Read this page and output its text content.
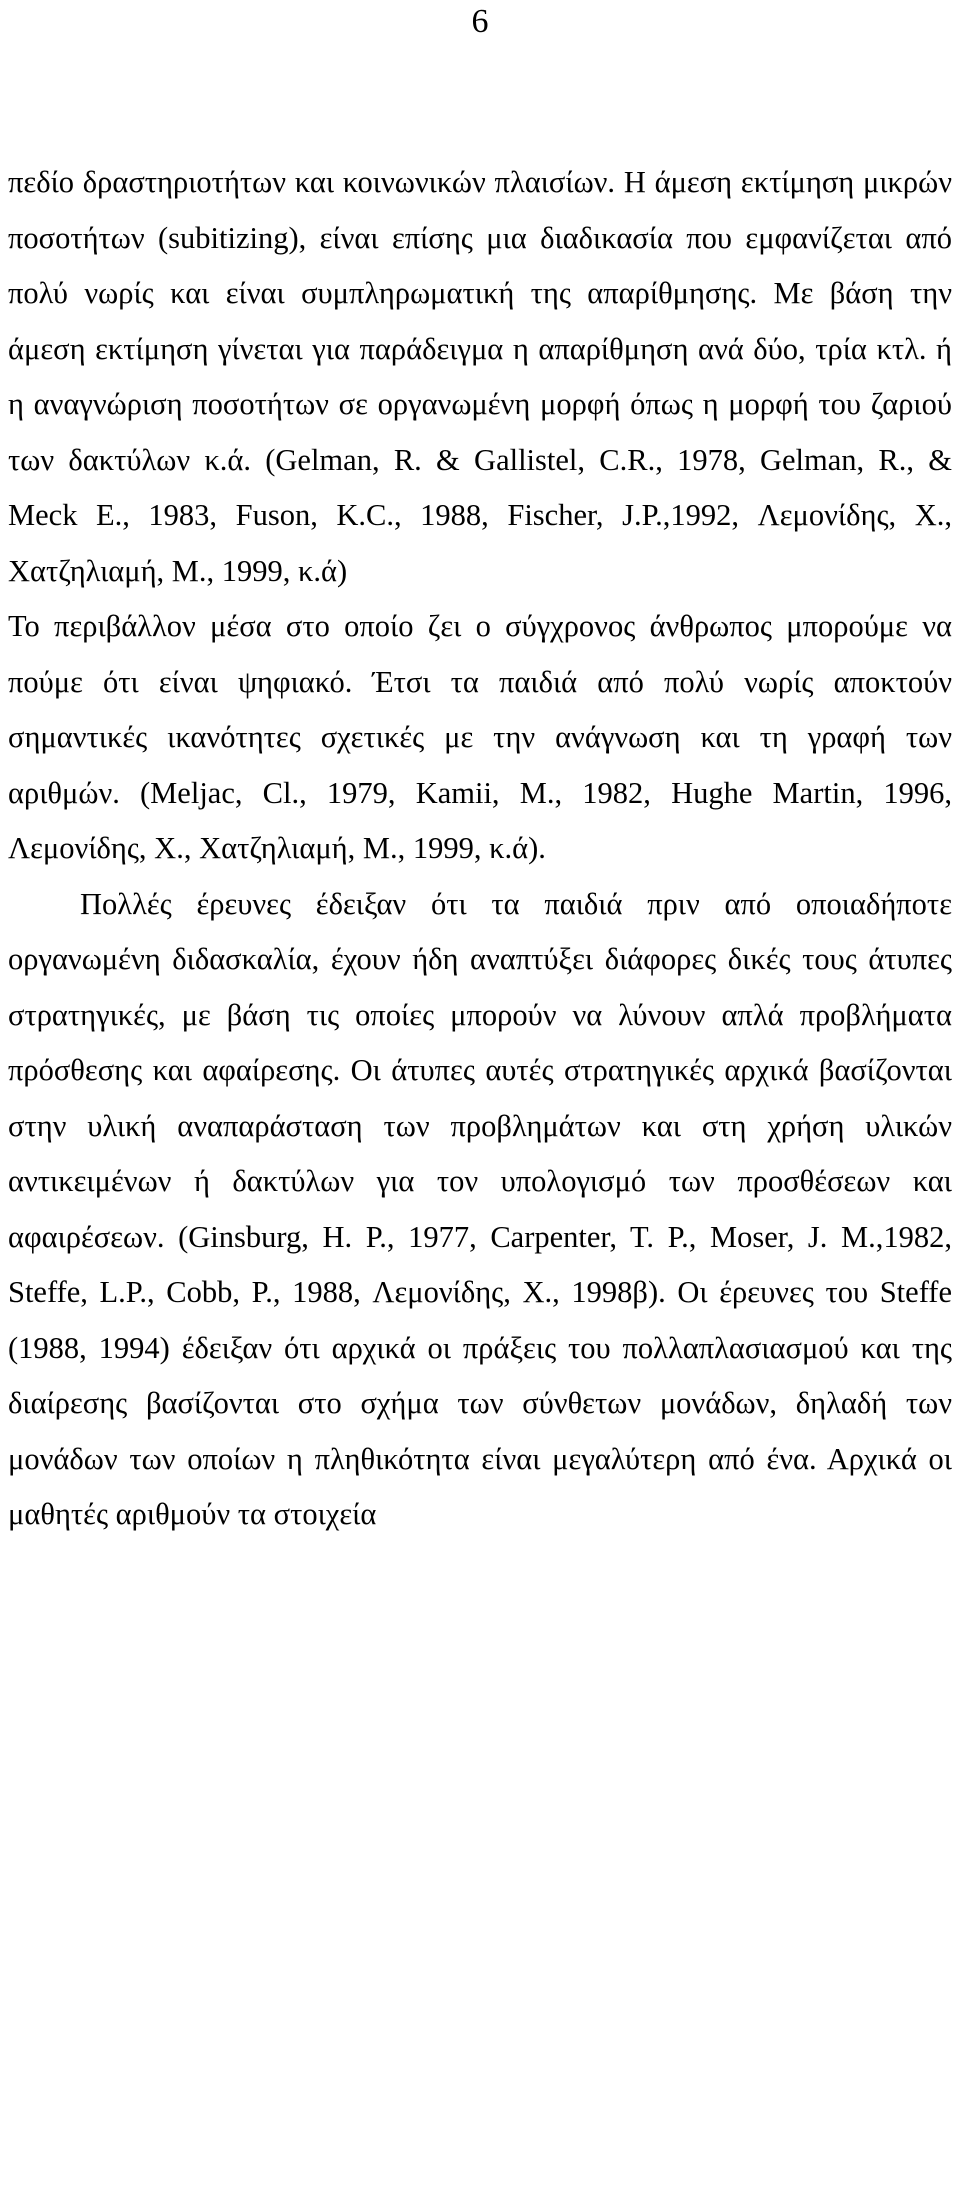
6

πεδίο δραστηριοτήτων και κοινωνικών πλαισίων. Η άμεση εκτίμηση μικρών ποσοτήτων (subitizing), είναι επίσης μια διαδικασία που εμφανίζεται από πολύ νωρίς και είναι συμπληρωματική της απαρίθμησης. Με βάση την άμεση εκτίμηση γίνεται για παράδειγμα η απαρίθμηση ανά δύο, τρία κτλ. ή η αναγνώριση ποσοτήτων σε οργανωμένη μορφή όπως η μορφή του ζαριού των δακτύλων κ.ά. (Gelman, R. & Gallistel, C.R., 1978, Gelman, R., & Meck E., 1983, Fuson, K.C., 1988, Fischer, J.P.,1992, Λεμονίδης, Χ., Χατζηλιαμή, Μ., 1999, κ.ά)

Το περιβάλλον μέσα στο οποίο ζει ο σύγχρονος άνθρωπος μπορούμε να πούμε ότι είναι ψηφιακό. Έτσι τα παιδιά από πολύ νωρίς αποκτούν σημαντικές ικανότητες σχετικές με την ανάγνωση και τη γραφή των αριθμών. (Meljac, Cl., 1979, Kamii, M., 1982, Hughe Martin, 1996, Λεμονίδης, Χ., Χατζηλιαμή, Μ., 1999, κ.ά).

Πολλές έρευνες έδειξαν ότι τα παιδιά πριν από οποιαδήποτε οργανωμένη διδασκαλία, έχουν ήδη αναπτύξει διάφορες δικές τους άτυπες στρατηγικές, με βάση τις οποίες μπορούν να λύνουν απλά προβλήματα πρόσθεσης και αφαίρεσης. Οι άτυπες αυτές στρατηγικές αρχικά βασίζονται στην υλική αναπαράσταση των προβλημάτων και στη χρήση υλικών αντικειμένων ή δακτύλων για τον υπολογισμό των προσθέσεων και αφαιρέσεων. (Ginsburg, H. P., 1977, Carpenter, T. P., Moser, J. M.,1982, Steffe, L.P., Cobb, P., 1988, Λεμονίδης, Χ., 1998β). Οι έρευνες του Steffe (1988, 1994) έδειξαν ότι αρχικά οι πράξεις του πολλαπλασιασμού και της διαίρεσης βασίζονται στο σχήμα των σύνθετων μονάδων, δηλαδή των μονάδων των οποίων η πληθικότητα είναι μεγαλύτερη από ένα. Αρχικά οι μαθητές αριθμούν τα στοιχεία
